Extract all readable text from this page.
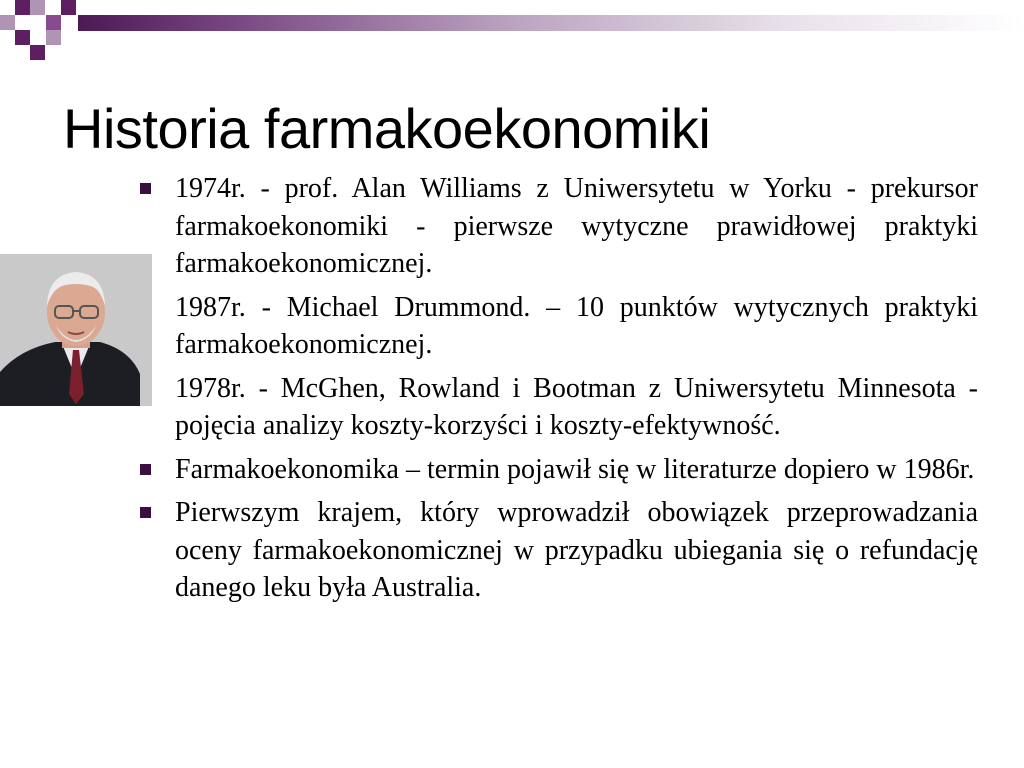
Historia farmakoekonomiki
1974r. - prof. Alan Williams z Uniwersytetu w Yorku - prekursor farmakoekonomiki - pierwsze wytyczne prawidłowej praktyki farmakoekonomicznej.
1987r. - Michael Drummond. – 10 punktów wytycznych praktyki farmakoekonomicznej.
1978r. - McGhen, Rowland i Bootman z Uniwersytetu Minnesota - pojęcia analizy koszty-korzyści i koszty-efektywność.
Farmakoekonomika – termin pojawił się w literaturze dopiero w 1986r.
Pierwszym krajem, który wprowadził obowiązek przeprowadzania oceny farmakoekonomicznej w przypadku ubiegania się o refundację danego leku była Australia.
